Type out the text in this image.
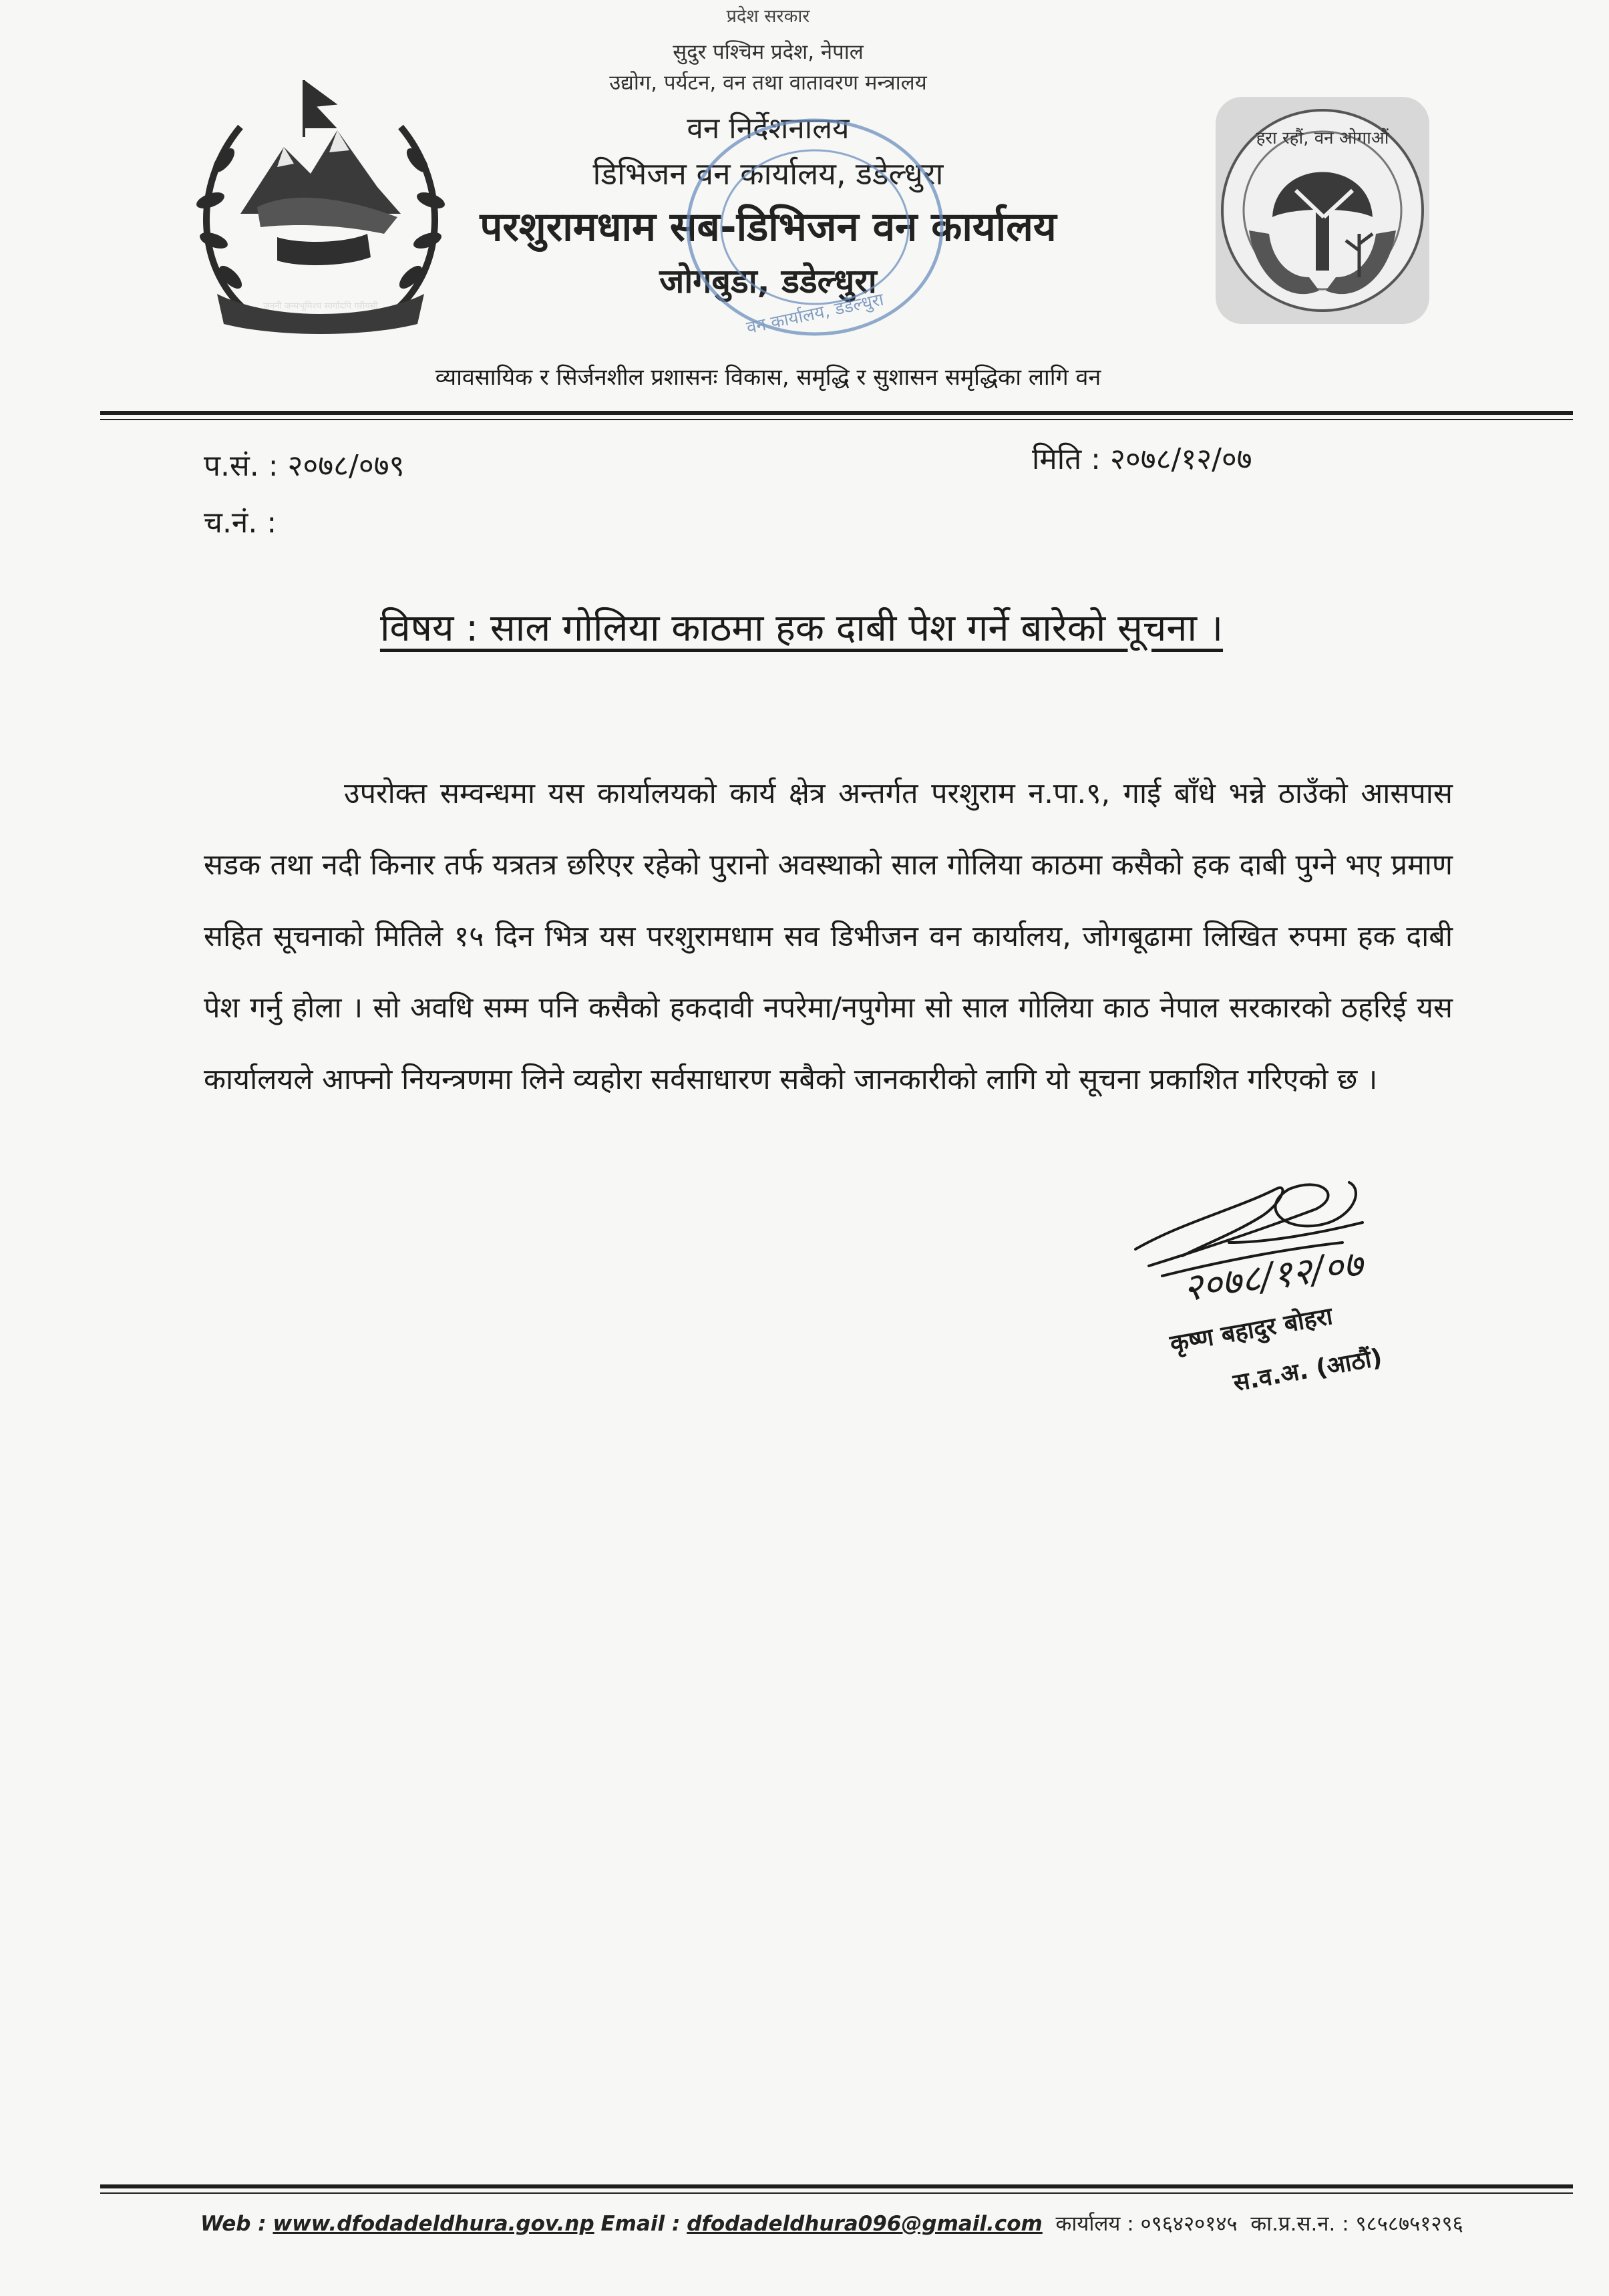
जननी जन्मभूमिश्च स्वर्गादपि गरीयसी
हरा रहौं, वन ओगाऔं
प्रदेश सरकार
सुदुर पश्चिम प्रदेश, नेपाल
उद्योग, पर्यटन, वन तथा वातावरण मन्त्रालय
वन निर्देशनालय
डिभिजन वन कार्यालय, डडेल्धुरा
परशुरामधाम सब-डिभिजन वन कार्यालय
जोगबुडा, डडेल्धुरा
वन कार्यालय, डडेल्धुरा
व्यावसायिक र सिर्जनशील प्रशासनः विकास, समृद्धि र सुशासन समृद्धिका लागि वन
प.सं. : २०७८/०७९
च.नं. :
मिति : २०७८/१२/०७
विषय : साल गोलिया काठमा हक दाबी पेश गर्ने बारेको सूचना ।
उपरोक्त सम्वन्धमा यस कार्यालयको कार्य क्षेत्र अन्तर्गत परशुराम न.पा.९, गाई बाँधे भन्ने ठाउँको आसपास सडक तथा नदी किनार तर्फ यत्रतत्र छरिएर रहेको पुरानो अवस्थाको साल गोलिया काठमा कसैको हक दाबी पुग्ने भए प्रमाण सहित सूचनाको मितिले १५ दिन भित्र यस परशुरामधाम सव डिभीजन वन कार्यालय, जोगबूढामा लिखित रुपमा हक दाबी पेश गर्नु होला । सो अवधि सम्म पनि कसैको हकदावी नपरेमा/नपुगेमा सो साल गोलिया काठ नेपाल सरकारको ठहरिई यस कार्यालयले आफ्नो नियन्त्रणमा लिने व्यहोरा सर्वसाधारण सबैको जानकारीको लागि यो सूचना प्रकाशित गरिएको छ ।
२०७८/१२/०७
कृष्ण बहादुर बोहरा
स.व.अ. (आठौं)
Web : www.dfodadeldhura.gov.np Email : dfodadeldhura096@gmail.com कार्यालय : ०९६४२०१४५ का.प्र.स.न. : ९८५८७५१२९६
